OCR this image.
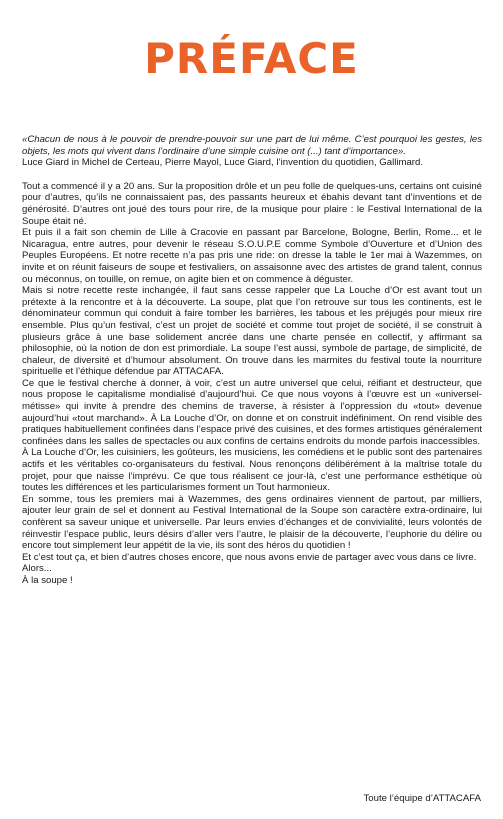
PRÉFACE

«Chacun de nous à le pouvoir de prendre-pouvoir sur une part de lui même. C’est pourquoi les gestes, les objets, les mots qui vivent dans l’ordinaire d’une simple cuisine ont (...) tant d’importance».

Luce Giard in Michel de Certeau, Pierre Mayol, Luce Giard, l’invention du quotidien, Gallimard.

Tout a commencé il y a 20 ans. Sur la proposition drôle et un peu folle de quelques-uns, certains ont cuisiné pour d’autres, qu’ils ne connaissaient pas, des passants heureux et ébahis devant tant d’inventions et de générosité. D’autres ont joué des tours pour rire, de la musique pour plaire : le Festival International de la Soupe était né.

Et puis il a fait son chemin de Lille à Cracovie en passant par Barcelone, Bologne, Berlin, Rome... et le Nicaragua, entre autres, pour devenir le réseau S.O.U.P.E comme Symbole d’Ouverture et d’Union des Peuples Européens. Et notre recette n’a pas pris une ride: on dresse la table le 1er mai à Wazemmes, on invite et on réunit faiseurs de soupe et festivaliers, on assaisonne avec des artistes de grand talent, connus ou méconnus, on touille, on remue, on agite bien et on commence à déguster.

Mais si notre recette reste inchangée, il faut sans cesse rappeler que La Louche d’Or est avant tout un prétexte à la rencontre et à la découverte. La soupe, plat que l’on retrouve sur tous les continents, est le dénominateur commun qui conduit à faire tomber les barrières, les tabous et les préjugés pour mieux rire ensemble. Plus qu’un festival, c’est un projet de société et comme tout projet de société, il se construit à plusieurs grâce à une base solidement ancrée dans une charte pensée en collectif, y affirmant sa philosophie, où la notion de don est primordiale. La soupe l’est aussi, symbole de partage, de simplicité, de chaleur, de diversité et d’humour absolument. On trouve dans les marmites du festival toute la nourriture spirituelle et l’éthique défendue par ATTACAFA.

Ce que le festival cherche à donner, à voir, c’est un autre universel que celui, réifiant et destructeur, que nous propose le capitalisme mondialisé d’aujourd’hui. Ce que nous voyons à l’œuvre est un «universel-métisse» qui invite à prendre des chemins de traverse, à résister à l’oppression du «tout» devenue aujourd’hui «tout marchand». À La Louche d’Or, on donne et on construit indéfiniment. On rend visible des pratiques habituellement confinées dans l’espace privé des cuisines, et des formes artistiques généralement confinées dans les salles de spectacles ou aux confins de certains endroits du monde parfois inaccessibles.

À La Louche d’Or, les cuisiniers, les goûteurs, les musiciens, les comédiens et le public sont des partenaires actifs et les véritables co-organisateurs du festival. Nous renonçons délibérément à la maîtrise totale du projet, pour que naisse l’imprévu. Ce que tous réalisent ce jour-là, c’est une performance esthétique où toutes les différences et les particularismes forment un Tout harmonieux.

En somme, tous les premiers mai à Wazemmes, des gens ordinaires viennent de partout, par milliers, ajouter leur grain de sel et donnent au Festival International de la Soupe son caractère extra-ordinaire, lui confèrent sa saveur unique et universelle. Par leurs envies d’échanges et de convivialité, leurs volontés de réinvestir l’espace public, leurs désirs d’aller vers l’autre, le plaisir de la découverte, l’euphorie du délire ou encore tout simplement leur appétit de la vie, ils sont des héros du quotidien !

Et c’est tout ça, et bien d’autres choses encore, que nous avons envie de partager avec vous dans ce livre.

Alors...

À la soupe !

Toute l’équipe d’ATTACAFA
